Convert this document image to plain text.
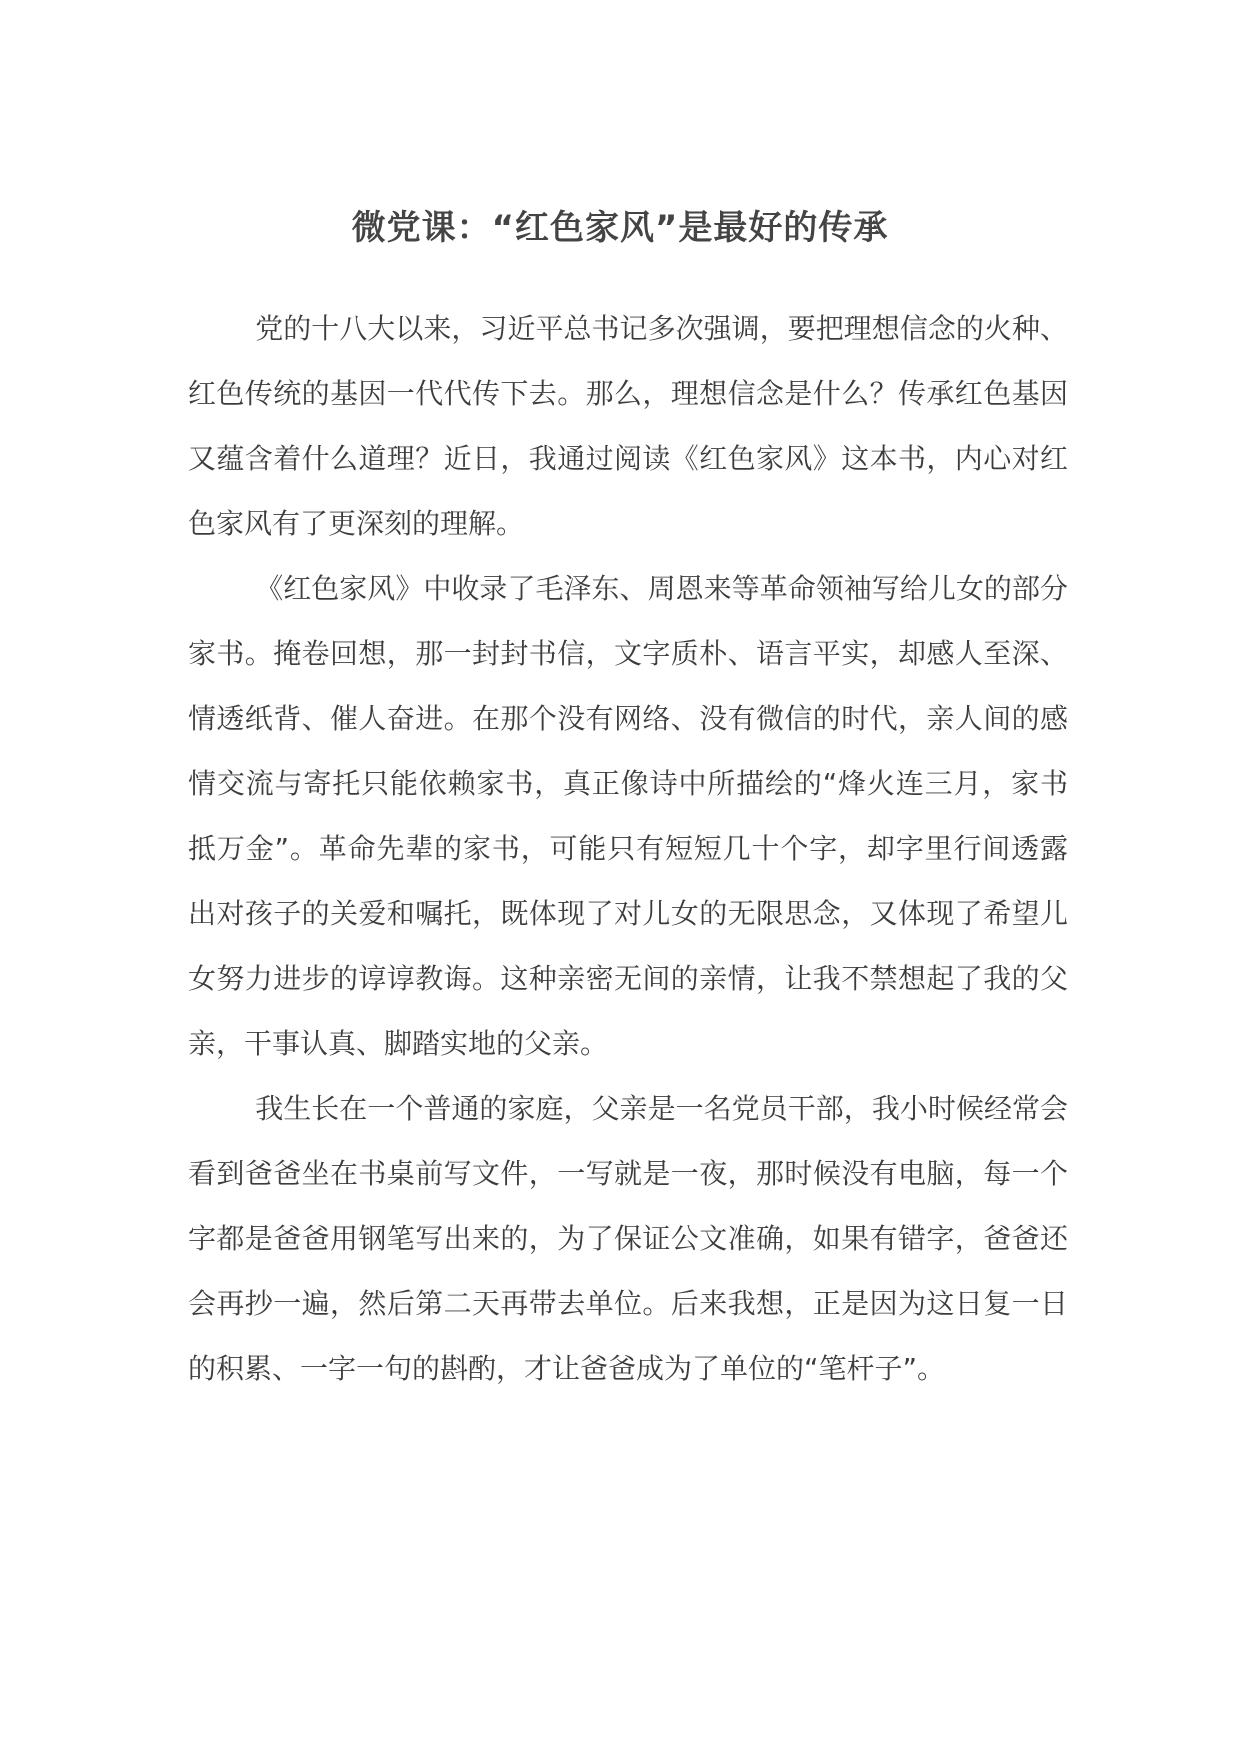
微党课：“红色家风”是最好的传承

党的十八大以来，习近平总书记多次强调，要把理想信念的火种、红色传统的基因一代代传下去。那么，理想信念是什么？传承红色基因又蕴含着什么道理？近日，我通过阅读《红色家风》这本书，内心对红色家风有了更深刻的理解。

《红色家风》中收录了毛泽东、周恩来等革命领袖写给儿女的部分家书。掩卷回想，那一封封书信，文字质朴、语言平实，却感人至深、情透纸背、催人奋进。在那个没有网络、没有微信的时代，亲人间的感情交流与寄托只能依赖家书，真正像诗中所描绘的“烽火连三月，家书抵万金”。革命先辈的家书，可能只有短短几十个字，却字里行间透露出对孩子的关爱和嘱托，既体现了对儿女的无限思念，又体现了希望儿女努力进步的谆谆教诲。这种亲密无间的亲情，让我不禁想起了我的父亲，干事认真、脚踏实地的父亲。

我生长在一个普通的家庭，父亲是一名党员干部，我小时候经常会看到爸爸坐在书桌前写文件，一写就是一夜，那时候没有电脑，每一个字都是爸爸用钢笔写出来的，为了保证公文准确，如果有错字，爸爸还会再抄一遍，然后第二天再带去单位。后来我想，正是因为这日复一日的积累、一字一句的斟酌，才让爸爸成为了单位的“笔杆子”。
